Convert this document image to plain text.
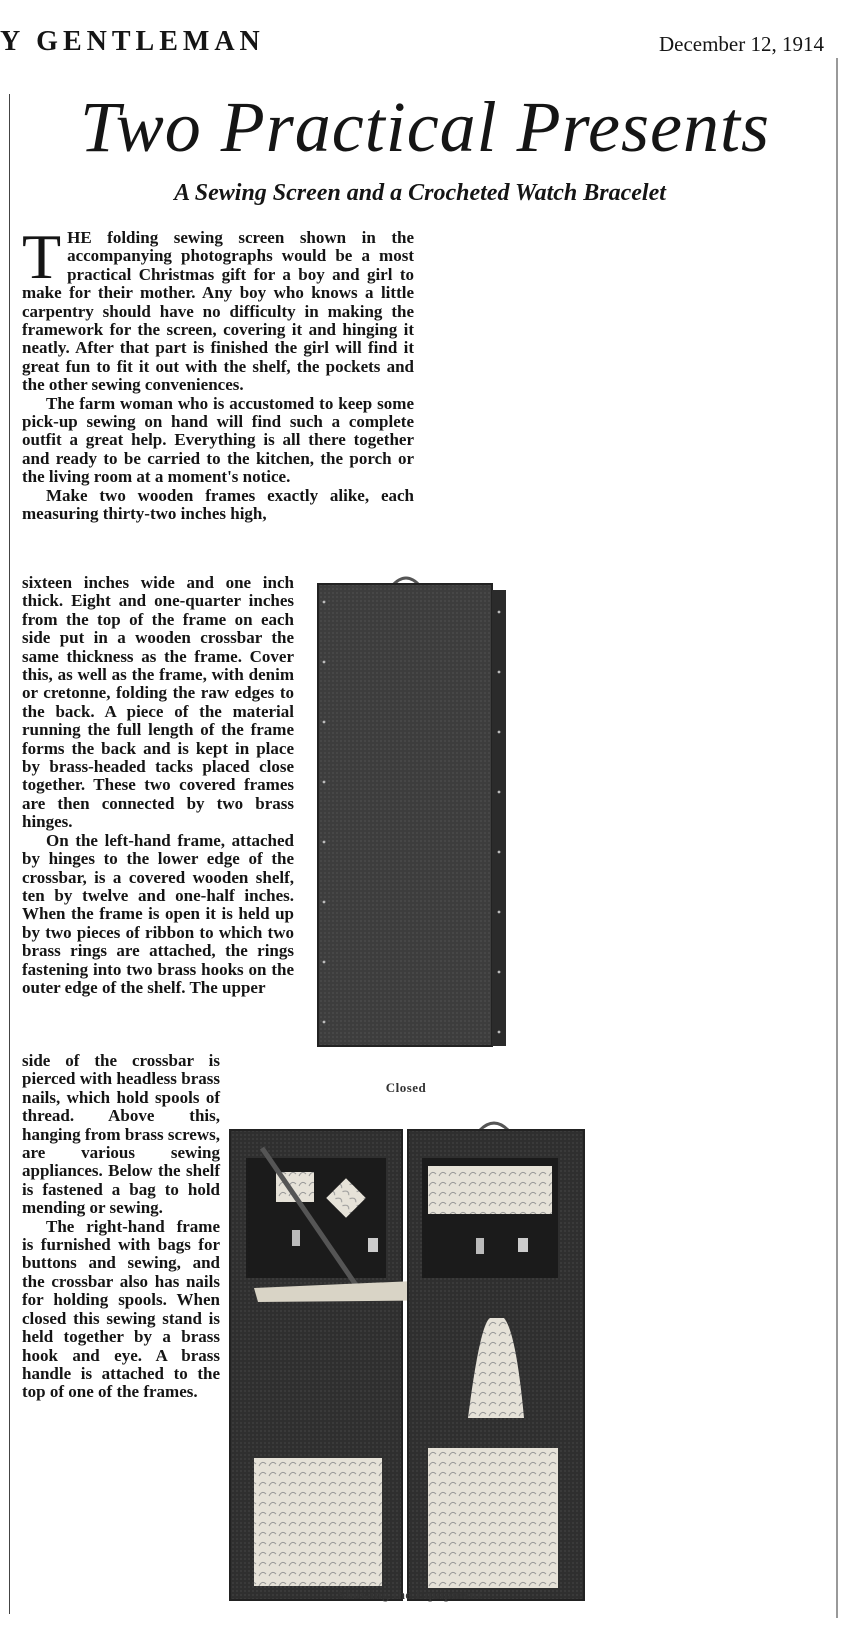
Y GENTLEMAN	December 12, 1914
Two Practical Presents
A Sewing Screen and a Crocheted Watch Bracelet

THE folding sewing screen shown in the accompanying photographs would be a most practical Christmas gift for a boy and girl to make for their mother. Any boy who knows a little carpentry should have no difficulty in making the framework for the screen, covering it and hinging it neatly. After that part is finished the girl will find it great fun to fit it out with the shelf, the pockets and the other sewing conveniences.

The farm woman who is accustomed to keep some pick-up sewing on hand will find such a complete outfit a great help. Everything is all there together and ready to be carried to the kitchen, the porch or the living room at a moment's notice.

Make two wooden frames exactly alike, each measuring thirty-two inches high,

sixteen inches wide and one inch thick. Eight and one-quarter inches from the top of the frame on each side put in a wooden crossbar the same thickness as the frame. Cover this, as well as the frame, with denim or cretonne, folding the raw edges to the back. A piece of the material running the full length of the frame forms the back and is kept in place by brass-headed tacks placed close together. These two covered frames are then connected by two brass hinges.

On the left-hand frame, attached by hinges to the lower edge of the crossbar, is a covered wooden shelf, ten by twelve and one-half inches. When the frame is open it is held up by two pieces of ribbon to which two brass rings are attached, the rings fastening into two brass hooks on the outer edge of the shelf. The upper

side of the crossbar is pierced with headless brass nails, which hold spools of thread. Above this, hanging from brass screws, are various sewing appliances. Below the shelf is fastened a bag to hold mending or sewing.

The right-hand frame is furnished with bags for buttons and sewing, and the crossbar also has nails for holding spools. When closed this sewing stand is held together by a brass hook and eye. A brass handle is attached to the top of one of the frames.

Closed
Showing the Equipment
